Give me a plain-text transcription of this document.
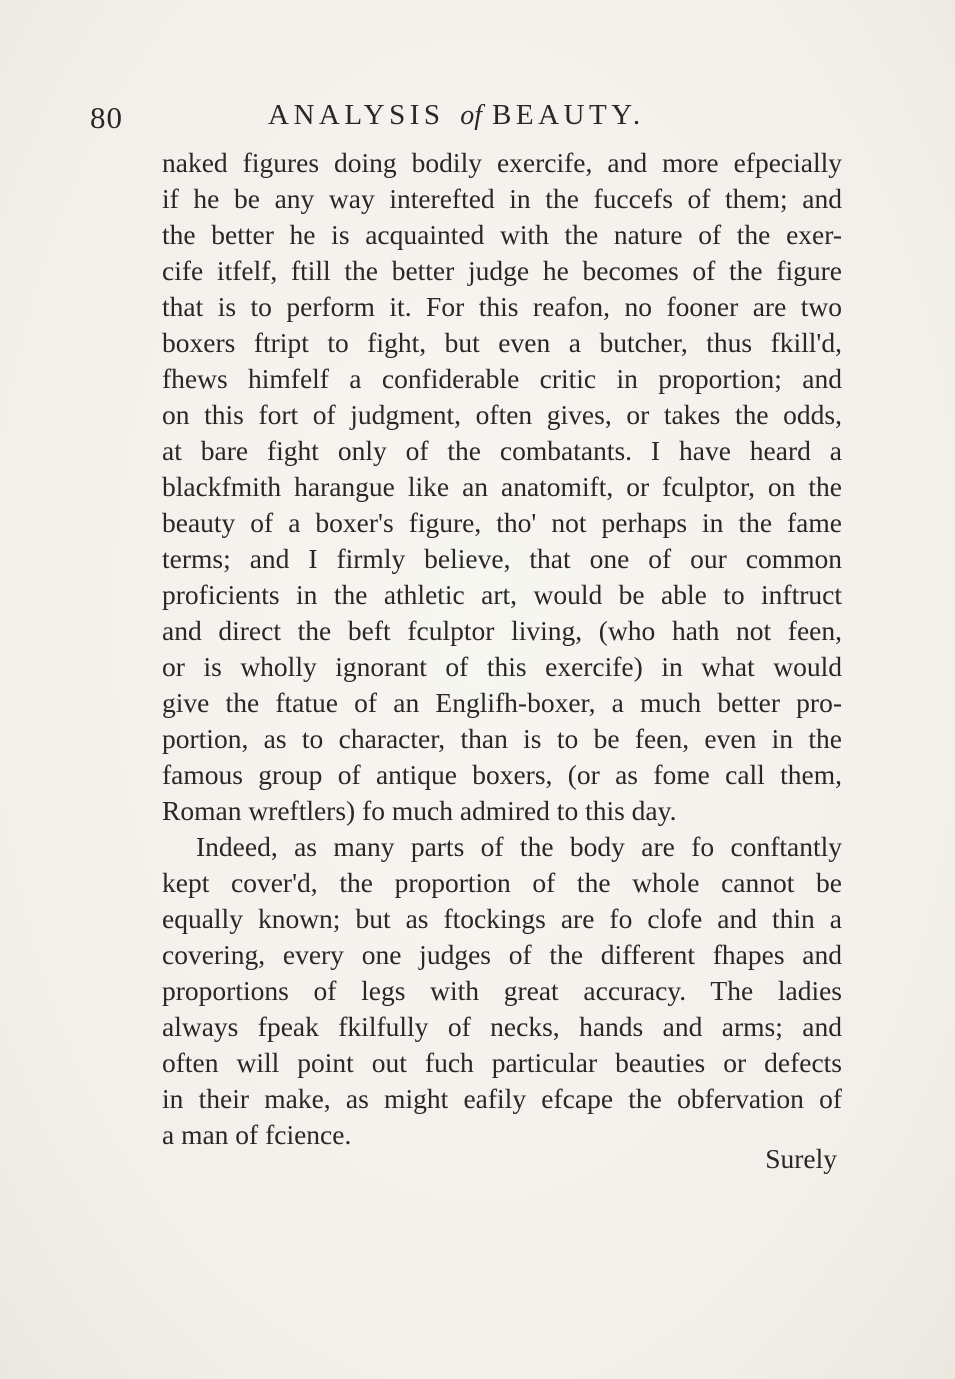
80	ANALYSIS of BEAUTY.
naked figures doing bodily exercife, and more efpecially
if he be any way interefted in the fuccefs of them; and
the better he is acquainted with the nature of the exer-
cife itfelf, ftill the better judge he becomes of the figure
that is to perform it. For this reafon, no fooner are two
boxers ftript to fight, but even a butcher, thus fkill'd,
fhews himfelf a confiderable critic in proportion; and
on this fort of judgment, often gives, or takes the odds,
at bare fight only of the combatants. I have heard a
blackfmith harangue like an anatomift, or fculptor, on the
beauty of a boxer's figure, tho' not perhaps in the fame
terms; and I firmly believe, that one of our common
proficients in the athletic art, would be able to inftruct
and direct the beft fculptor living, (who hath not feen,
or is wholly ignorant of this exercife) in what would
give the ftatue of an Englifh-boxer, a much better pro-
portion, as to character, than is to be feen, even in the
famous group of antique boxers, (or as fome call them,
Roman wreftlers) fo much admired to this day.
Indeed, as many parts of the body are fo conftantly
kept cover'd, the proportion of the whole cannot be
equally known; but as ftockings are fo clofe and thin a
covering, every one judges of the different fhapes and
proportions of legs with great accuracy. The ladies
always fpeak fkilfully of necks, hands and arms; and
often will point out fuch particular beauties or defects
in their make, as might eafily efcape the obfervation of
a man of fcience.
Surely
